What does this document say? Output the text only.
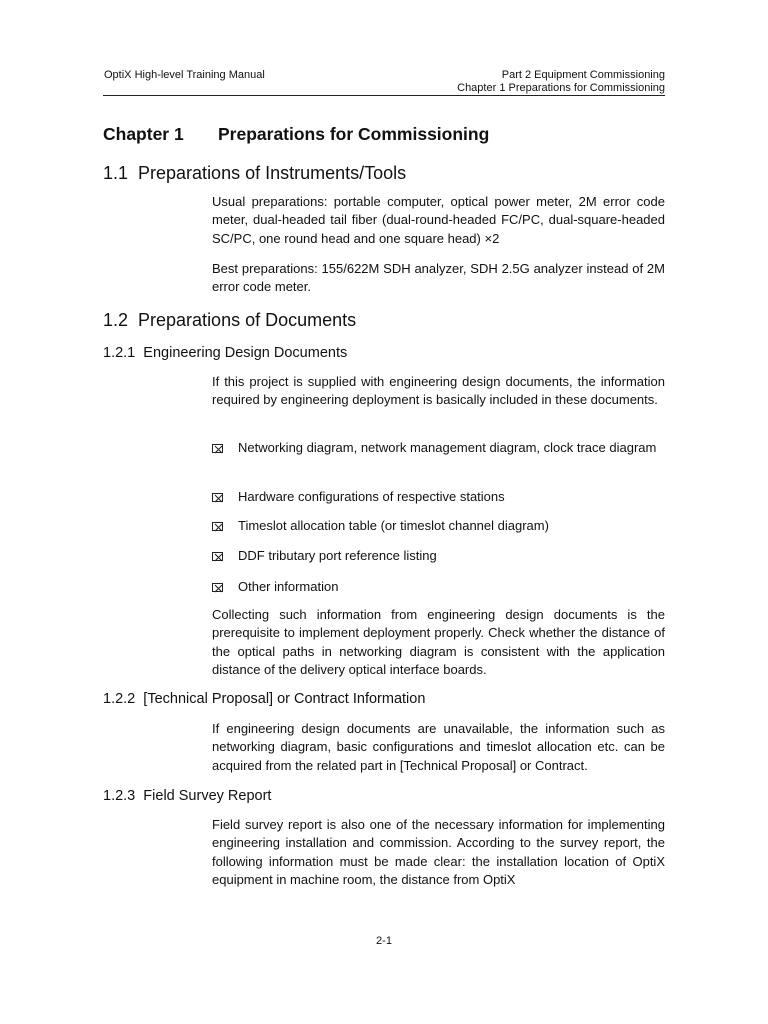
OptiX High-level Training Manual	Part 2 Equipment Commissioning
Chapter 1 Preparations for Commissioning
Chapter 1 Preparations for Commissioning
1.1  Preparations of Instruments/Tools

Usual preparations: portable computer, optical power meter, 2M error code meter, dual-headed tail fiber (dual-round-headed FC/PC, dual-square-headed SC/PC, one round head and one square head) ×2

Best preparations: 155/622M SDH analyzer, SDH 2.5G analyzer instead of 2M error code meter.

1.2  Preparations of Documents
1.2.1  Engineering Design Documents

If this project is supplied with engineering design documents, the information required by engineering deployment is basically included in these documents.

Networking diagram, network management diagram, clock trace diagram
Hardware configurations of respective stations
Timeslot allocation table (or timeslot channel diagram)
DDF tributary port reference listing
Other information

Collecting such information from engineering design documents is the prerequisite to implement deployment properly. Check whether the distance of the optical paths in networking diagram is consistent with the application distance of the delivery optical interface boards.

1.2.2  [Technical Proposal] or Contract Information

If engineering design documents are unavailable, the information such as networking diagram, basic configurations and timeslot allocation etc. can be acquired from the related part in [Technical Proposal] or Contract.

1.2.3  Field Survey Report

Field survey report is also one of the necessary information for implementing engineering installation and commission. According to the survey report, the following information must be made clear: the installation location of OptiX equipment in machine room, the distance from OptiX

2-1
